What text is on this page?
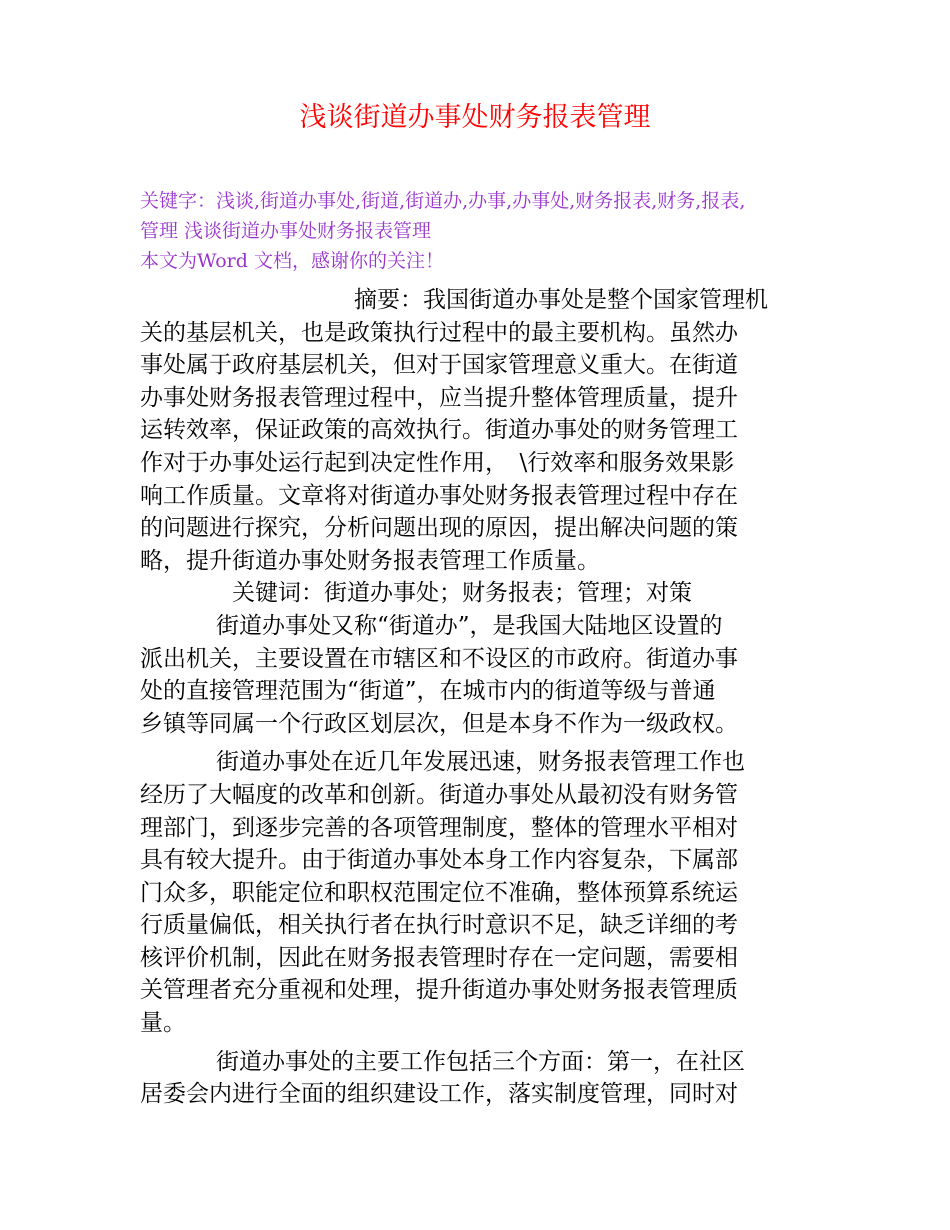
浅谈街道办事处财务报表管理
关键字：浅谈,街道办事处,街道,街道办,办事,办事处,财务报表,财务,报表,
管理 浅谈街道办事处财务报表管理
本文为Word 文档，感谢你的关注！

摘要：我国街道办事处是整个国家管理机
关的基层机关，也是政策执行过程中的最主要机构。虽然办
事处属于政府基层机关，但对于国家管理意义重大。在街道
办事处财务报表管理过程中，应当提升整体管理质量，提升
运转效率，保证政策的高效执行。街道办事处的财务管理工
作对于办事处运行起到决定性作用，　\行效率和服务效果影
响工作质量。文章将对街道办事处财务报表管理过程中存在
的问题进行探究，分析问题出现的原因，提出解决问题的策
略，提升街道办事处财务报表管理工作质量。

关键词：街道办事处；财务报表；管理；对策

街道办事处又称“街道办”，是我国大陆地区设置的
派出机关，主要设置在市辖区和不设区的市政府。街道办事
处的直接管理范围为“街道”，在城市内的街道等级与普通
乡镇等同属一个行政区划层次，但是本身不作为一级政权。

街道办事处在近几年发展迅速，财务报表管理工作也
经历了大幅度的改革和创新。街道办事处从最初没有财务管
理部门，到逐步完善的各项管理制度，整体的管理水平相对
具有较大提升。由于街道办事处本身工作内容复杂，下属部
门众多，职能定位和职权范围定位不准确，整体预算系统运
行质量偏低，相关执行者在执行时意识不足，缺乏详细的考
核评价机制，因此在财务报表管理时存在一定问题，需要相
关管理者充分重视和处理，提升街道办事处财务报表管理质
量。

街道办事处的主要工作包括三个方面：第一，在社区
居委会内进行全面的组织建设工作，落实制度管理，同时对
